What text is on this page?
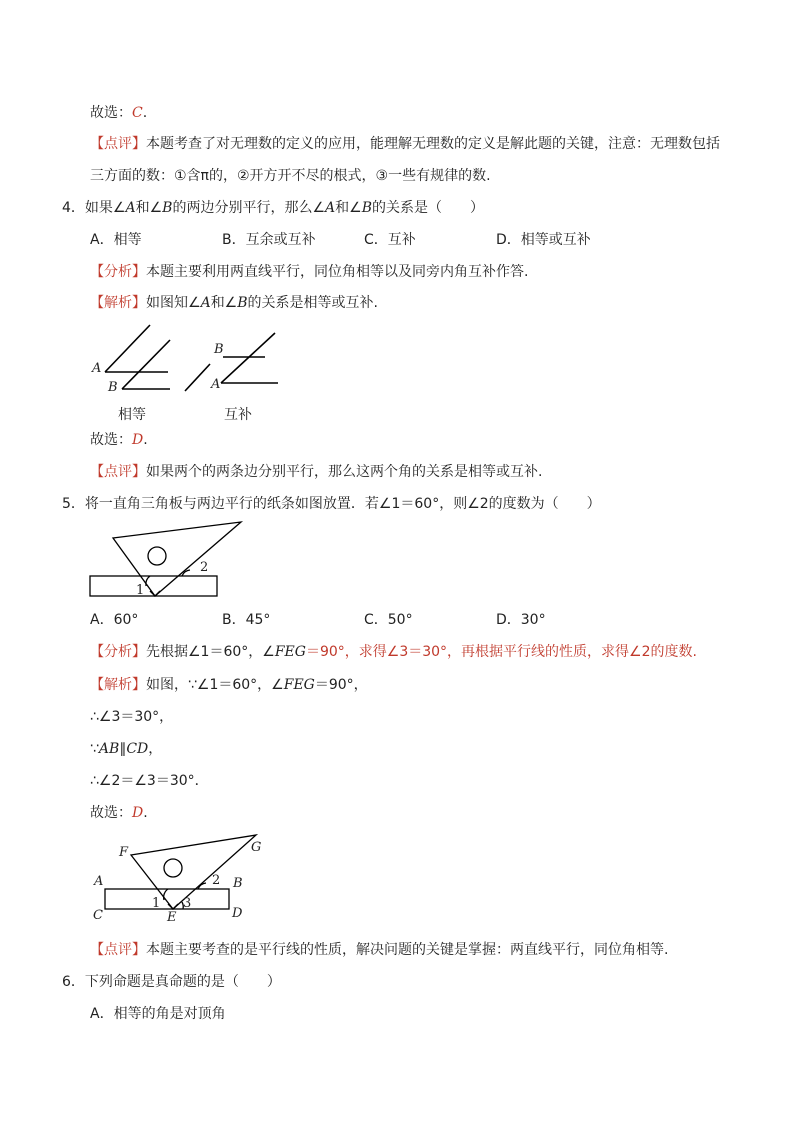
故选：C.
【点评】本题考查了对无理数的定义的应用，能理解无理数的定义是解此题的关键，注意：无理数包括
三方面的数：①含π的，②开方开不尽的根式，③一些有规律的数.
4．如果∠A和∠B的两边分别平行，那么∠A和∠B的关系是（　　）
A．相等	B．互余或互补	C．互补	D．相等或互补
【分析】本题主要利用两直线平行，同位角相等以及同旁内角互补作答.
【解析】如图知∠A和∠B的关系是相等或互补.
A
B
B
A
相等	互补
故选：D.
【点评】如果两个的两条边分别平行，那么这两个角的关系是相等或互补.
5．将一直角三角板与两边平行的纸条如图放置．若∠1＝60°，则∠2的度数为（　　）
1
2
A．60°	B．45°	C．50°	D．30°
【分析】先根据∠1＝60°，∠FEG＝90°，求得∠3＝30°，再根据平行线的性质，求得∠2的度数.
【解析】如图，∵∠1＝60°，∠FEG＝90°，
∴∠3＝30°，
∵AB∥CD，
∴∠2＝∠3＝30°．
故选：D.
F	G
A	B
C	D
E
1 3
2
【点评】本题主要考查的是平行线的性质，解决问题的关键是掌握：两直线平行，同位角相等.
6．下列命题是真命题的是（　　）
A．相等的角是对顶角
